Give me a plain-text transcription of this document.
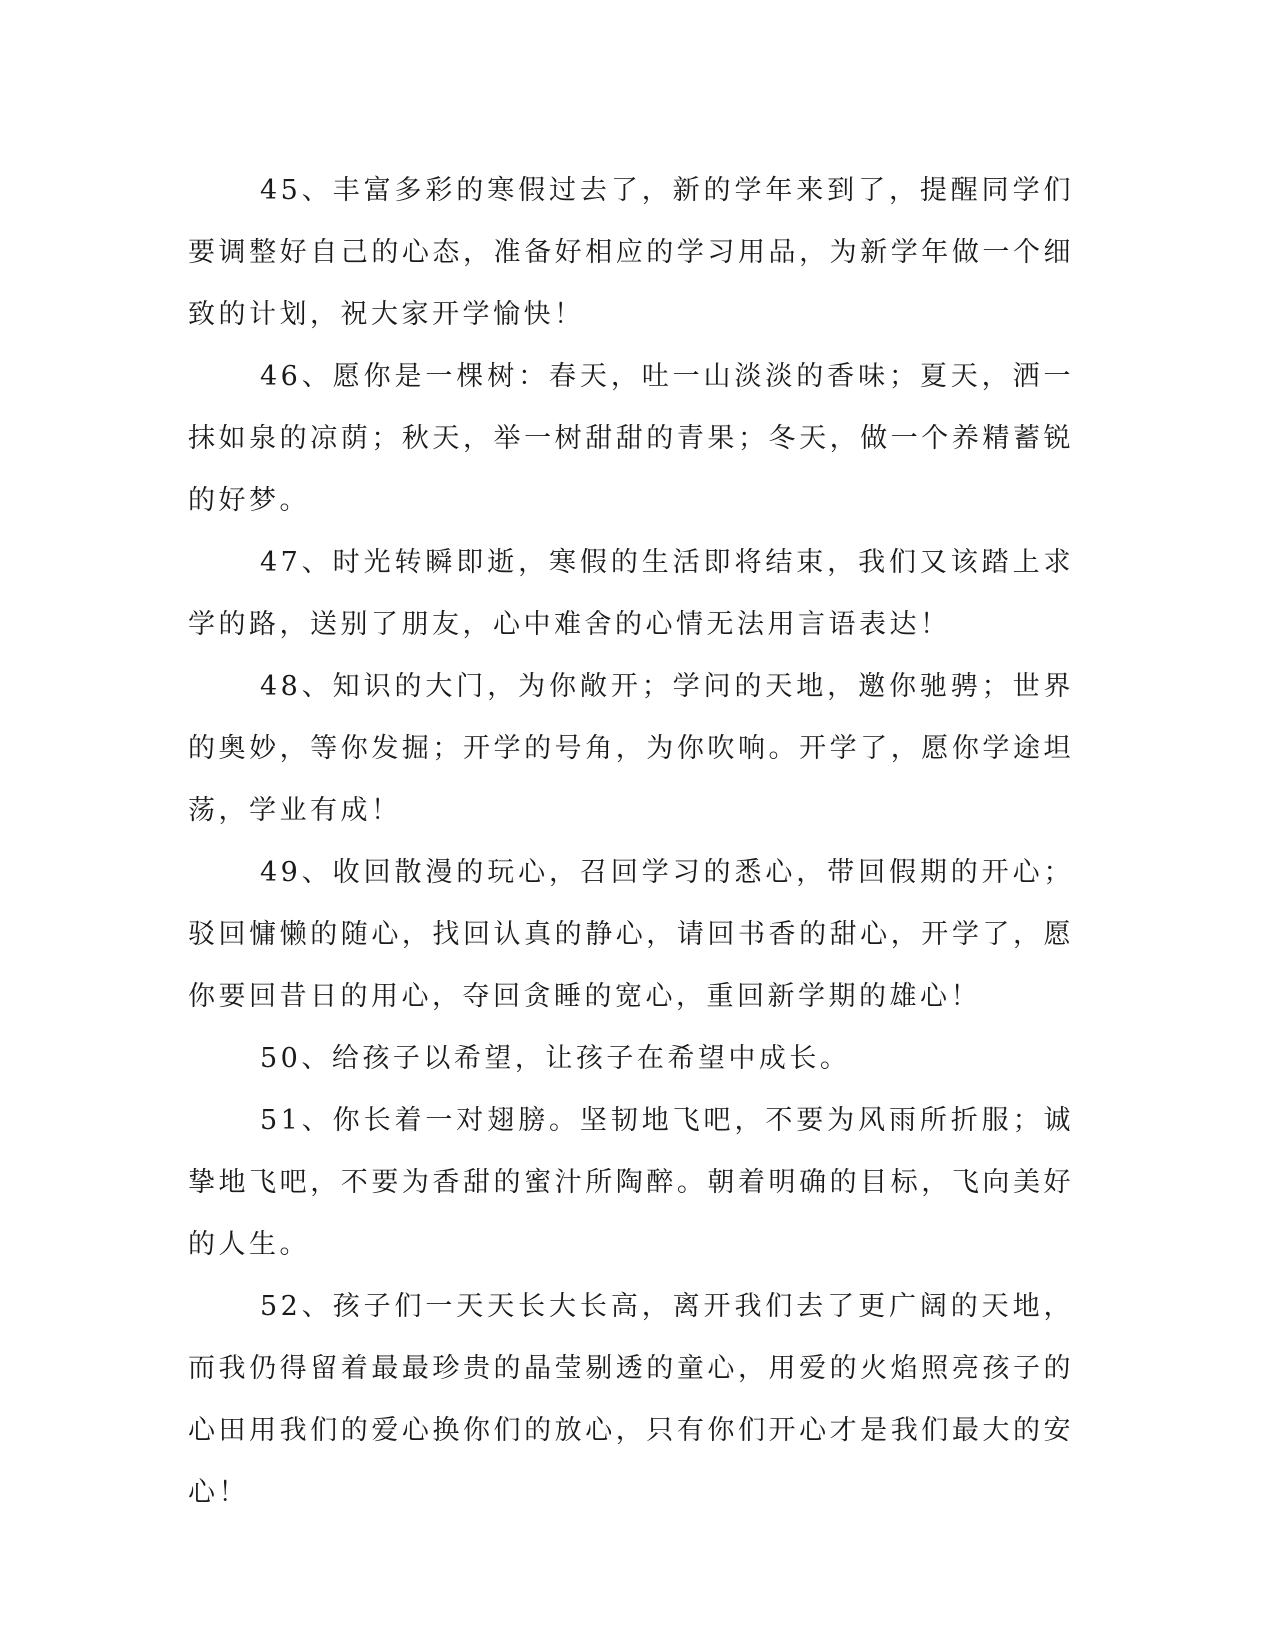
45、丰富多彩的寒假过去了，新的学年来到了，提醒同学们要调整好自己的心态，准备好相应的学习用品，为新学年做一个细致的计划，祝大家开学愉快！

46、愿你是一棵树：春天，吐一山淡淡的香味；夏天，洒一抹如泉的凉荫；秋天，举一树甜甜的青果；冬天，做一个养精蓄锐的好梦。

47、时光转瞬即逝，寒假的生活即将结束，我们又该踏上求学的路，送别了朋友，心中难舍的心情无法用言语表达！

48、知识的大门，为你敞开；学问的天地，邀你驰骋；世界的奥妙，等你发掘；开学的号角，为你吹响。开学了，愿你学途坦荡，学业有成！

49、收回散漫的玩心，召回学习的悉心，带回假期的开心；驳回慵懒的随心，找回认真的静心，请回书香的甜心，开学了，愿你要回昔日的用心，夺回贪睡的宽心，重回新学期的雄心！

50、给孩子以希望，让孩子在希望中成长。

51、你长着一对翅膀。坚韧地飞吧，不要为风雨所折服；诚挚地飞吧，不要为香甜的蜜汁所陶醉。朝着明确的目标，飞向美好的人生。

52、孩子们一天天长大长高，离开我们去了更广阔的天地，而我仍得留着最最珍贵的晶莹剔透的童心，用爱的火焰照亮孩子的心田用我们的爱心换你们的放心，只有你们开心才是我们最大的安心！
